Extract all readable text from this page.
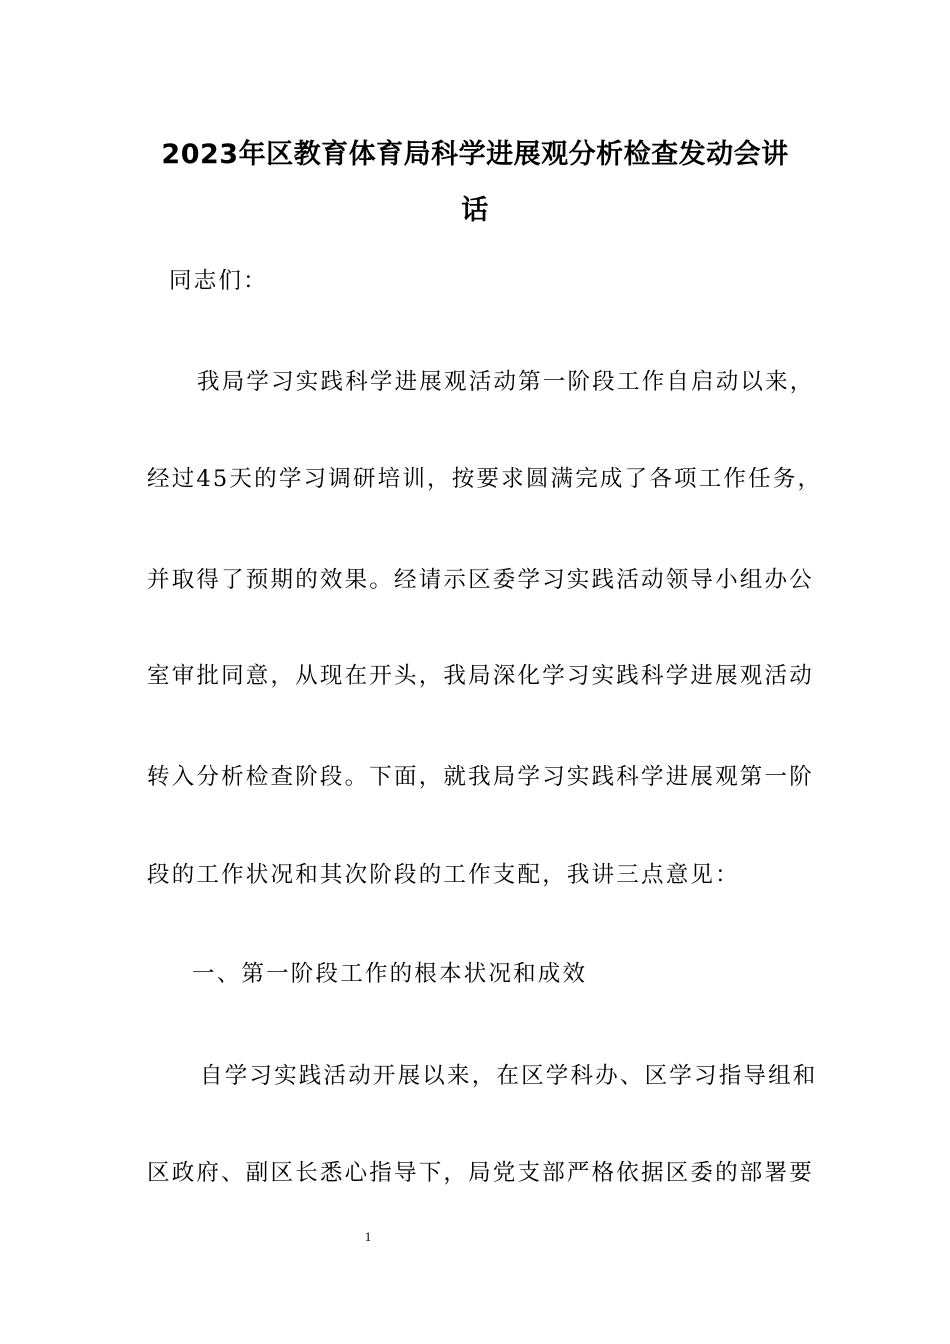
2023年区教育体育局科学进展观分析检查发动会讲
话
同志们：
我局学习实践科学进展观活动第一阶段工作自启动以来，
经过45天的学习调研培训，按要求圆满完成了各项工作任务，
并取得了预期的效果。经请示区委学习实践活动领导小组办公
室审批同意，从现在开头，我局深化学习实践科学进展观活动
转入分析检查阶段。下面，就我局学习实践科学进展观第一阶
段的工作状况和其次阶段的工作支配，我讲三点意见：
一、第一阶段工作的根本状况和成效
自学习实践活动开展以来，在区学科办、区学习指导组和
区政府、副区长悉心指导下，局党支部严格依据区委的部署要
1
